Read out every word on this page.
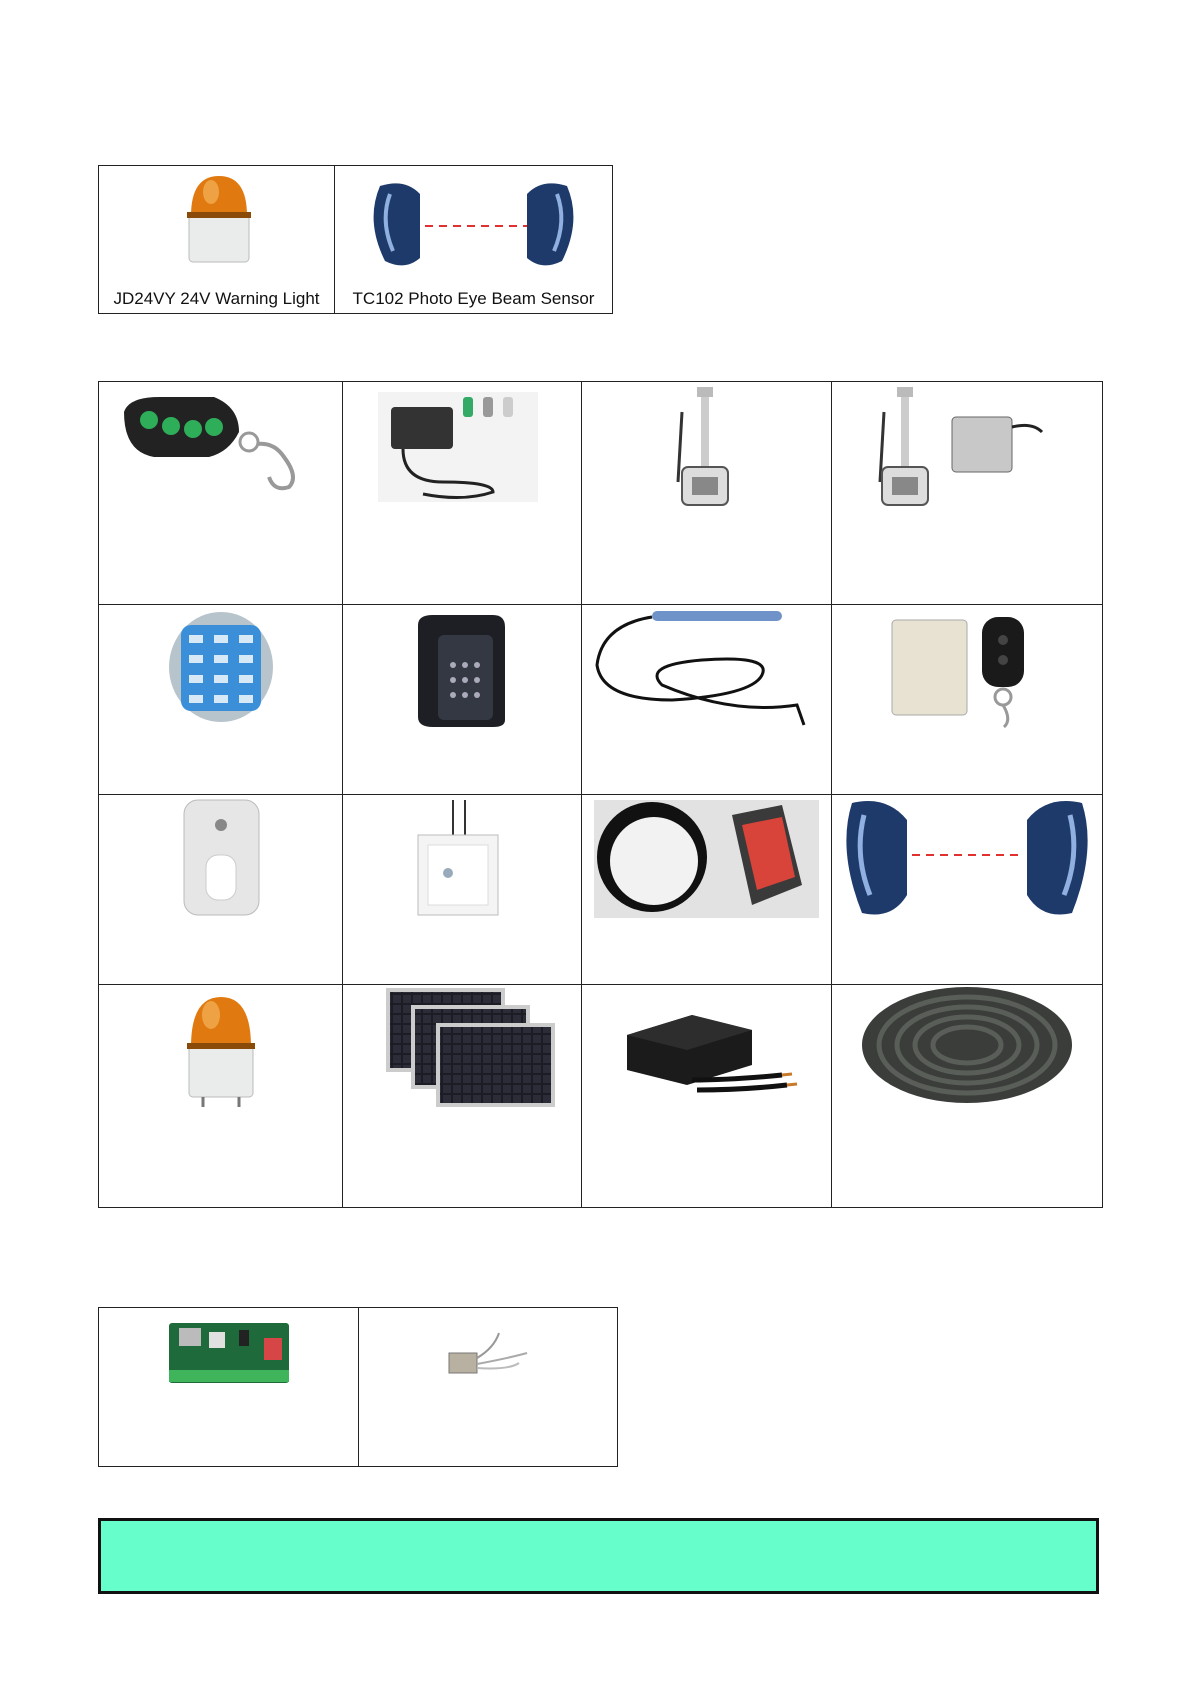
JD24VY 24V Warning Light	TC102 Photo Eye Beam Sensor
